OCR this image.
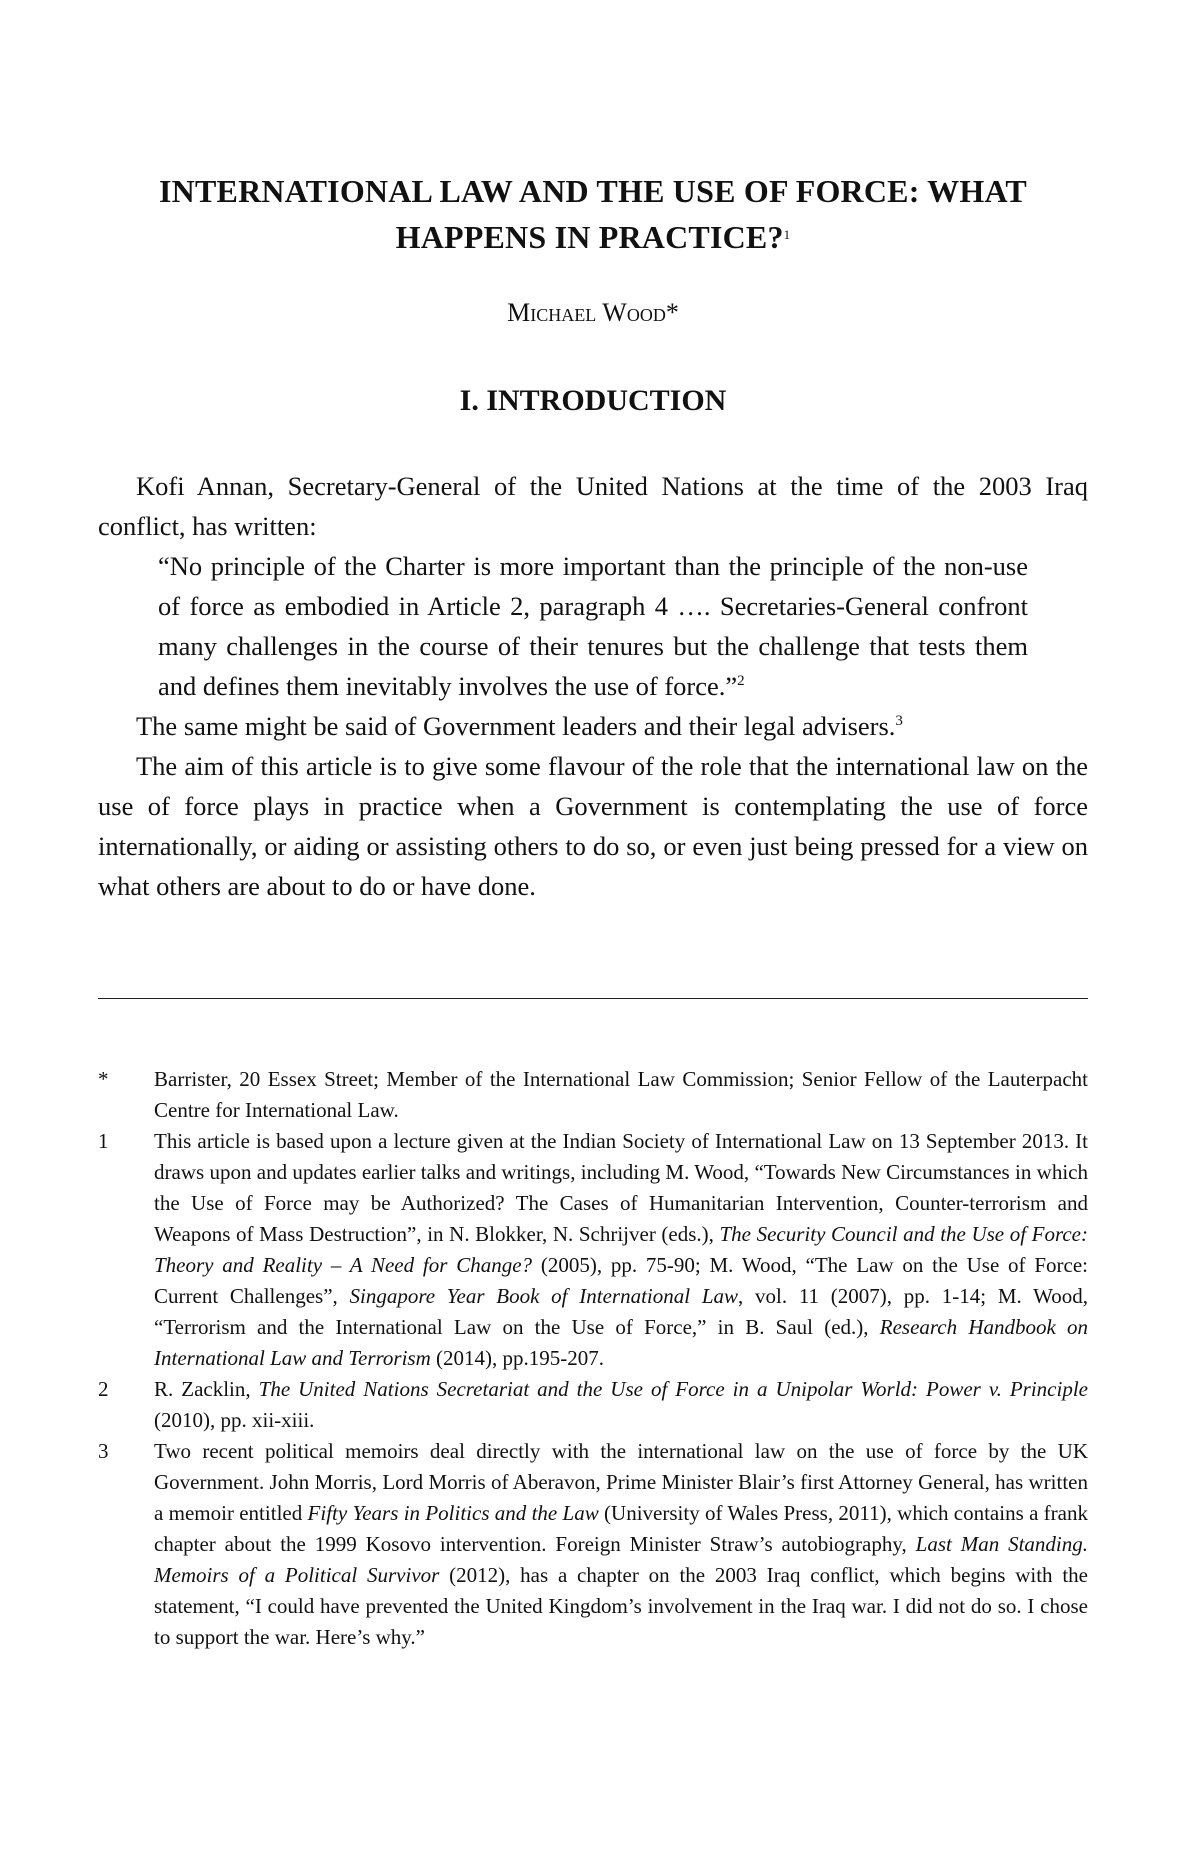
INTERNATIONAL LAW AND THE USE OF FORCE: WHAT
HAPPENS IN PRACTICE?$^1$
Michael Wood*
I. INTRODUCTION

Kofi Annan, Secretary-General of the United Nations at the time of the 2003 Iraq conflict, has written:

“No principle of the Charter is more important than the principle of the non-use of force as embodied in Article 2, paragraph 4 …. Secretaries-General confront many challenges in the course of their tenures but the challenge that tests them and defines them inevitably involves the use of force.”$^2$

The same might be said of Government leaders and their legal advisers.$^3$

The aim of this article is to give some flavour of the role that the international law on the use of force plays in practice when a Government is contemplating the use of force internationally, or aiding or assisting others to do so, or even just being pressed for a view on what others are about to do or have done.

*	Barrister, 20 Essex Street; Member of the International Law Commission; Senior Fellow of the Lauterpacht Centre for International Law.
1	This article is based upon a lecture given at the Indian Society of International Law on 13 September 2013. It draws upon and updates earlier talks and writings, including M. Wood, “Towards New Circumstances in which the Use of Force may be Authorized? The Cases of Humanitarian Intervention, Counter-terrorism and Weapons of Mass Destruction”, in N. Blokker, N. Schrijver (eds.), The Security Council and the Use of Force: Theory and Reality – A Need for Change? (2005), pp. 75-90; M. Wood, “The Law on the Use of Force: Current Challenges”, Singapore Year Book of International Law, vol. 11 (2007), pp. 1-14; M. Wood, “Terrorism and the International Law on the Use of Force,” in B. Saul (ed.), Research Handbook on International Law and Terrorism (2014), pp.195-207.
2	R. Zacklin, The United Nations Secretariat and the Use of Force in a Unipolar World: Power v. Principle (2010), pp. xii-xiii.
3	Two recent political memoirs deal directly with the international law on the use of force by the UK Government. John Morris, Lord Morris of Aberavon, Prime Minister Blair’s first Attorney General, has written a memoir entitled Fifty Years in Politics and the Law (University of Wales Press, 2011), which contains a frank chapter about the 1999 Kosovo intervention. Foreign Minister Straw’s autobiography, Last Man Standing. Memoirs of a Political Survivor (2012), has a chapter on the 2003 Iraq conflict, which begins with the statement, “I could have prevented the United Kingdom’s involvement in the Iraq war. I did not do so. I chose to support the war. Here’s why.”
